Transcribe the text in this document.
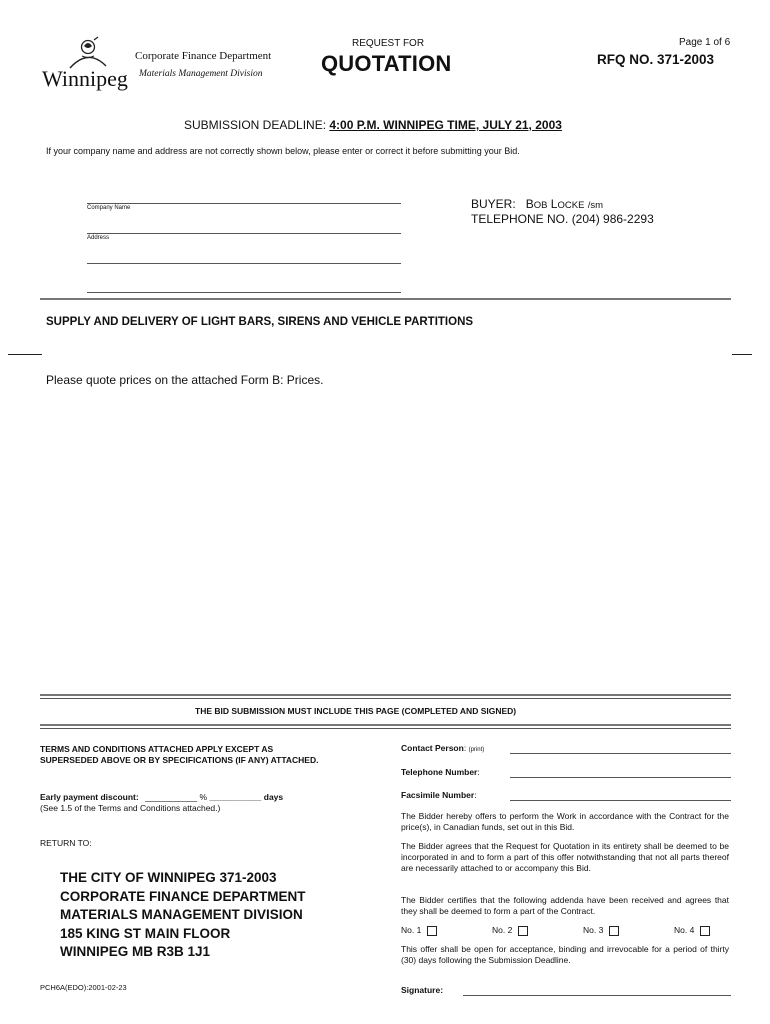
Winnipeg
Corporate Finance Department
Materials Management Division
REQUEST FOR
QUOTATION
Page 1 of 6
RFQ NO. 371-2003
SUBMISSION DEADLINE: 4:00 P.M. WINNIPEG TIME, JULY 21, 2003
If your company name and address are not correctly shown below, please enter or correct it before submitting your Bid.
Company Name
Address
BUYER: BOB LOCKE /sm
TELEPHONE NO. (204) 986-2293
SUPPLY AND DELIVERY OF LIGHT BARS, SIRENS AND VEHICLE PARTITIONS
Please quote prices on the attached Form B: Prices.
THE BID SUBMISSION MUST INCLUDE THIS PAGE (COMPLETED AND SIGNED)
TERMS AND CONDITIONS ATTACHED APPLY EXCEPT AS
SUPERSEDED ABOVE OR BY SPECIFICATIONS (IF ANY) ATTACHED.
Early payment discount: ___________ % ___________ days
(See 1.5 of the Terms and Conditions attached.)
RETURN TO:
THE CITY OF WINNIPEG 371-2003
CORPORATE FINANCE DEPARTMENT
MATERIALS MANAGEMENT DIVISION
185 KING ST MAIN FLOOR
WINNIPEG MB R3B 1J1
PCH6A(EDO):2001-02-23
Contact Person: (print)
Telephone Number:
Facsimile Number:
The Bidder hereby offers to perform the Work in accordance with the Contract for the price(s), in Canadian funds, set out in this Bid.
The Bidder agrees that the Request for Quotation in its entirety shall be deemed to be incorporated in and to form a part of this offer notwithstanding that not all parts thereof are necessarily attached to or accompany this Bid.
The Bidder certifies that the following addenda have been received and agrees that they shall be deemed to form a part of the Contract.
No. 1	No. 2	No. 3	No. 4
This offer shall be open for acceptance, binding and irrevocable for a period of thirty (30) days following the Submission Deadline.
Signature:
